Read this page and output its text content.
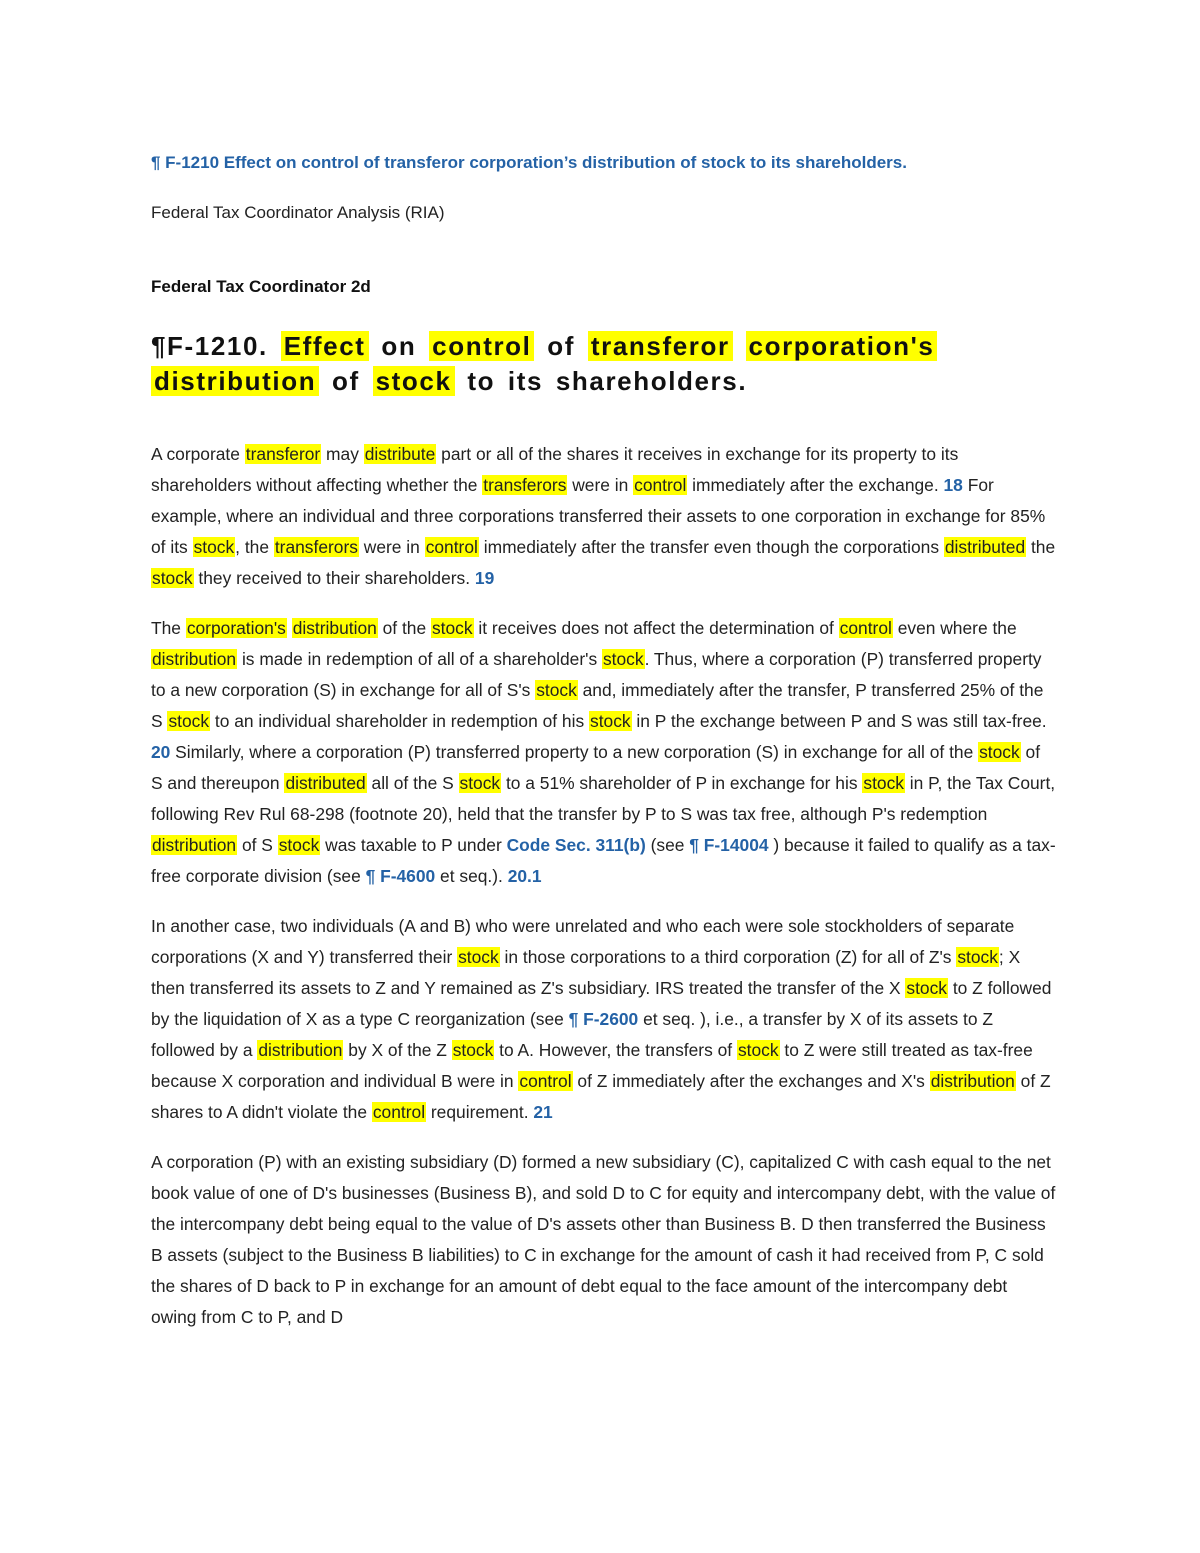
¶ F-1210 Effect on control of transferor corporation’s distribution of stock to its shareholders.

Federal Tax Coordinator Analysis (RIA)

Federal Tax Coordinator 2d

¶F-1210. Effect on control of transferor corporation's distribution of stock to its shareholders.

A corporate transferor may distribute part or all of the shares it receives in exchange for its property to its shareholders without affecting whether the transferors were in control immediately after the exchange. 18 For example, where an individual and three corporations transferred their assets to one corporation in exchange for 85% of its stock, the transferors were in control immediately after the transfer even though the corporations distributed the stock they received to their shareholders. 19

The corporation's distribution of the stock it receives does not affect the determination of control even where the distribution is made in redemption of all of a shareholder's stock. Thus, where a corporation (P) transferred property to a new corporation (S) in exchange for all of S's stock and, immediately after the transfer, P transferred 25% of the S stock to an individual shareholder in redemption of his stock in P the exchange between P and S was still tax-free. 20 Similarly, where a corporation (P) transferred property to a new corporation (S) in exchange for all of the stock of S and thereupon distributed all of the S stock to a 51% shareholder of P in exchange for his stock in P, the Tax Court, following Rev Rul 68-298 (footnote 20), held that the transfer by P to S was tax free, although P's redemption distribution of S stock was taxable to P under Code Sec. 311(b) (see ¶ F-14004 ) because it failed to qualify as a tax-free corporate division (see ¶ F-4600 et seq.). 20.1

In another case, two individuals (A and B) who were unrelated and who each were sole stockholders of separate corporations (X and Y) transferred their stock in those corporations to a third corporation (Z) for all of Z's stock; X then transferred its assets to Z and Y remained as Z's subsidiary. IRS treated the transfer of the X stock to Z followed by the liquidation of X as a type C reorganization (see ¶ F-2600 et seq. ), i.e., a transfer by X of its assets to Z followed by a distribution by X of the Z stock to A. However, the transfers of stock to Z were still treated as tax-free because X corporation and individual B were in control of Z immediately after the exchanges and X's distribution of Z shares to A didn't violate the control requirement. 21

A corporation (P) with an existing subsidiary (D) formed a new subsidiary (C), capitalized C with cash equal to the net book value of one of D's businesses (Business B), and sold D to C for equity and intercompany debt, with the value of the intercompany debt being equal to the value of D's assets other than Business B. D then transferred the Business B assets (subject to the Business B liabilities) to C in exchange for the amount of cash it had received from P, C sold the shares of D back to P in exchange for an amount of debt equal to the face amount of the intercompany debt owing from C to P, and D
